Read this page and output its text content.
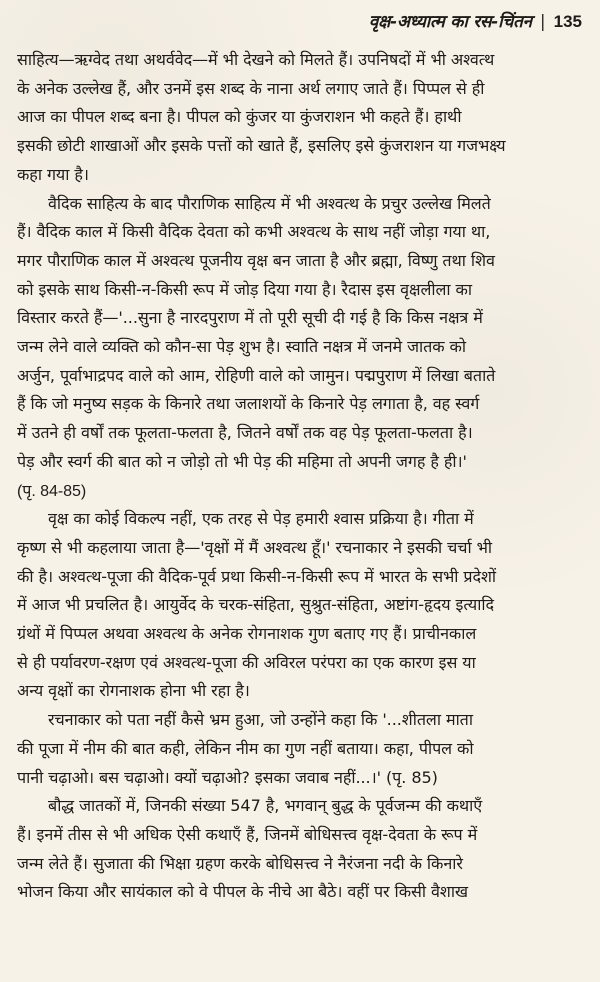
वृक्ष-अध्यात्म का रस-चिंतन | 135
साहित्य—ऋग्वेद तथा अथर्ववेद—में भी देखने को मिलते हैं। उपनिषदों में भी अश्वत्थ
के अनेक उल्लेख हैं, और उनमें इस शब्द के नाना अर्थ लगाए जाते हैं। पिप्पल से ही
आज का पीपल शब्द बना है। पीपल को कुंजर या कुंजराशन भी कहते हैं। हाथी
इसकी छोटी शाखाओं और इसके पत्तों को खाते हैं, इसलिए इसे कुंजराशन या गजभक्ष्य
कहा गया है।
वैदिक साहित्य के बाद पौराणिक साहित्य में भी अश्वत्थ के प्रचुर उल्लेख मिलते
हैं। वैदिक काल में किसी वैदिक देवता को कभी अश्वत्थ के साथ नहीं जोड़ा गया था,
मगर पौराणिक काल में अश्वत्थ पूजनीय वृक्ष बन जाता है और ब्रह्मा, विष्णु तथा शिव
को इसके साथ किसी-न-किसी रूप में जोड़ दिया गया है। रैदास इस वृक्षलीला का
विस्तार करते हैं—'...सुना है नारदपुराण में तो पूरी सूची दी गई है कि किस नक्षत्र में
जन्म लेने वाले व्यक्ति को कौन-सा पेड़ शुभ है। स्वाति नक्षत्र में जनमे जातक को
अर्जुन, पूर्वाभाद्रपद वाले को आम, रोहिणी वाले को जामुन। पद्मपुराण में लिखा बताते
हैं कि जो मनुष्य सड़क के किनारे तथा जलाशयों के किनारे पेड़ लगाता है, वह स्वर्ग
में उतने ही वर्षों तक फूलता-फलता है, जितने वर्षों तक वह पेड़ फूलता-फलता है।
पेड़ और स्वर्ग की बात को न जोड़ो तो भी पेड़ की महिमा तो अपनी जगह है ही।'
(पृ. 84-85)
वृक्ष का कोई विकल्प नहीं, एक तरह से पेड़ हमारी श्वास प्रक्रिया है। गीता में
कृष्ण से भी कहलाया जाता है—'वृक्षों में मैं अश्वत्थ हूँ।' रचनाकार ने इसकी चर्चा भी
की है। अश्वत्थ-पूजा की वैदिक-पूर्व प्रथा किसी-न-किसी रूप में भारत के सभी प्रदेशों
में आज भी प्रचलित है। आयुर्वेद के चरक-संहिता, सुश्रुत-संहिता, अष्टांग-हृदय इत्यादि
ग्रंथों में पिप्पल अथवा अश्वत्थ के अनेक रोगनाशक गुण बताए गए हैं। प्राचीनकाल
से ही पर्यावरण-रक्षण एवं अश्वत्थ-पूजा की अविरल परंपरा का एक कारण इस या
अन्य वृक्षों का रोगनाशक होना भी रहा है।
रचनाकार को पता नहीं कैसे भ्रम हुआ, जो उन्होंने कहा कि '...शीतला माता
की पूजा में नीम की बात कही, लेकिन नीम का गुण नहीं बताया। कहा, पीपल को
पानी चढ़ाओ। बस चढ़ाओ। क्यों चढ़ाओ? इसका जवाब नहीं...।' (पृ. 85)
बौद्ध जातकों में, जिनकी संख्या 547 है, भगवान् बुद्ध के पूर्वजन्म की कथाएँ
हैं। इनमें तीस से भी अधिक ऐसी कथाएँ हैं, जिनमें बोधिसत्त्व वृक्ष-देवता के रूप में
जन्म लेते हैं। सुजाता की भिक्षा ग्रहण करके बोधिसत्त्व ने नैरंजना नदी के किनारे
भोजन किया और सायंकाल को वे पीपल के नीचे आ बैठे। वहीं पर किसी वैशाख
